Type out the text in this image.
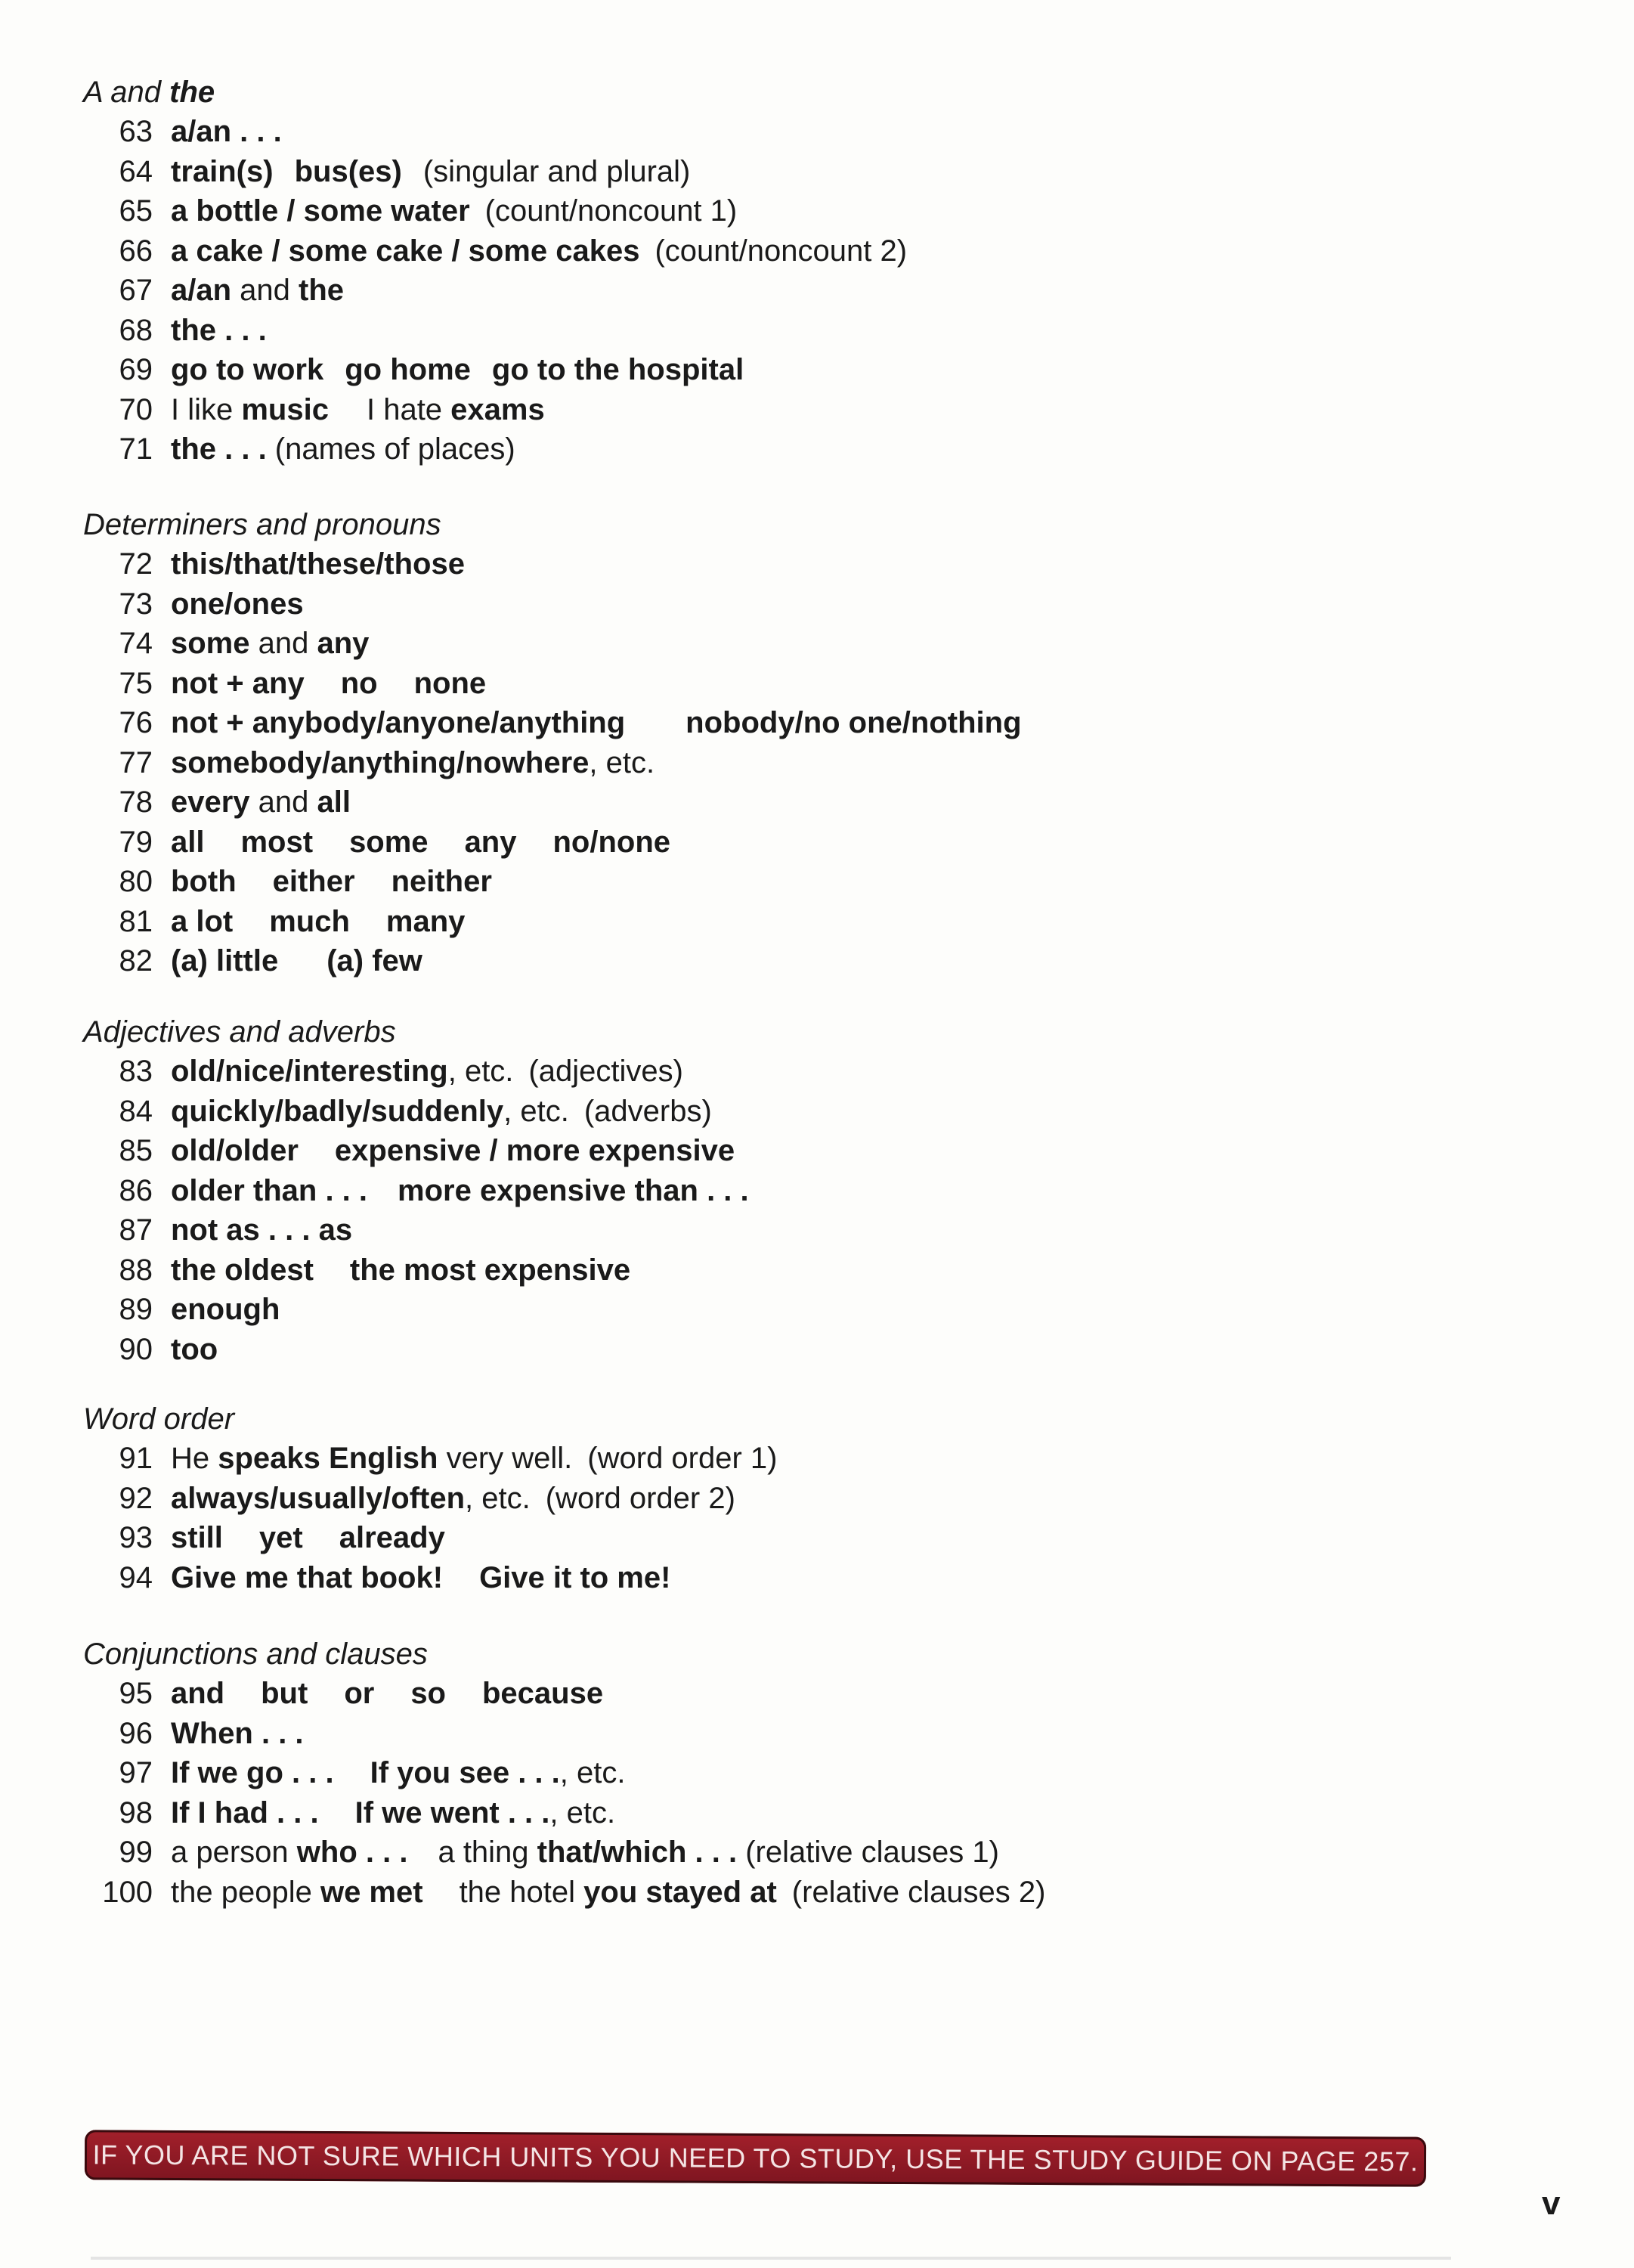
A and the
63 a/an . . .
64 train(s) bus(es) (singular and plural)
65 a bottle / some water (count/noncount 1)
66 a cake / some cake / some cakes (count/noncount 2)
67 a/an and the
68 the . . .
69 go to work go home go to the hospital
70 I like music I hate exams
71 the . . . (names of places)
Determiners and pronouns
72 this/that/these/those
73 one/ones
74 some and any
75 not + any no none
76 not + anybody/anyone/anything nobody/no one/nothing
77 somebody/anything/nowhere, etc.
78 every and all
79 all most some any no/none
80 both either neither
81 a lot much many
82 (a) little (a) few
Adjectives and adverbs
83 old/nice/interesting, etc. (adjectives)
84 quickly/badly/suddenly, etc. (adverbs)
85 old/older expensive / more expensive
86 older than . . . more expensive than . . .
87 not as . . . as
88 the oldest the most expensive
89 enough
90 too
Word order
91 He speaks English very well. (word order 1)
92 always/usually/often, etc. (word order 2)
93 still yet already
94 Give me that book! Give it to me!
Conjunctions and clauses
95 and but or so because
96 When . . .
97 If we go . . . If you see . . ., etc.
98 If I had . . . If we went . . ., etc.
99 a person who . . . a thing that/which . . . (relative clauses 1)
100 the people we met the hotel you stayed at (relative clauses 2)
IF YOU ARE NOT SURE WHICH UNITS YOU NEED TO STUDY, USE THE STUDY GUIDE ON PAGE 257.
v
